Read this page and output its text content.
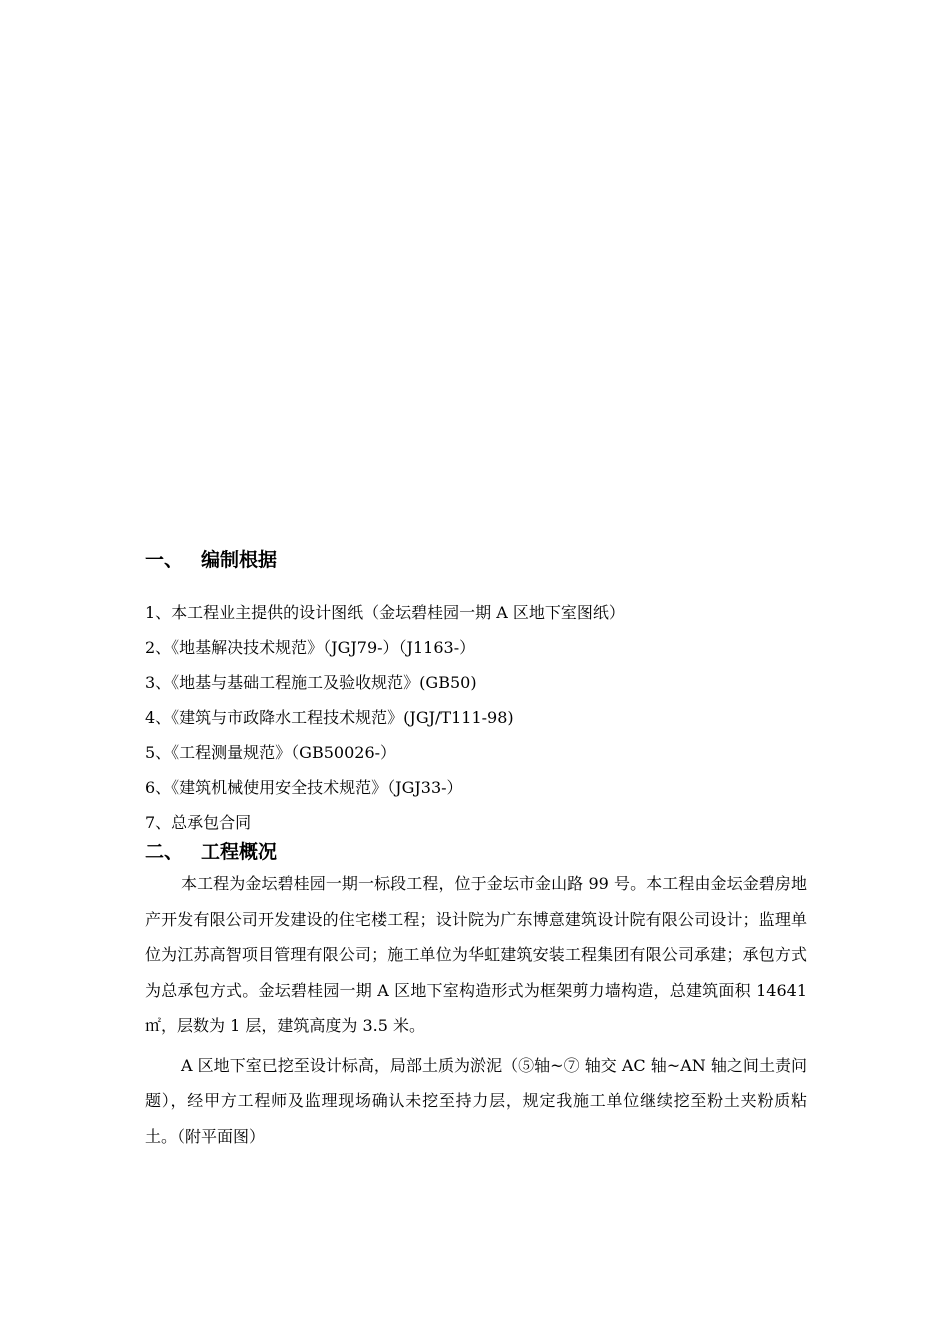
一、 编制根据
1、本工程业主提供的设计图纸（金坛碧桂园一期 A 区地下室图纸）
2、《地基解决技术规范》（JGJ79-）（J1163-）
3、《地基与基础工程施工及验收规范》(GB50)
4、《建筑与市政降水工程技术规范》(JGJ/T111-98)
5、《工程测量规范》（GB50026-）
6、《建筑机械使用安全技术规范》（JGJ33-）
7、总承包合同
二、 工程概况

本工程为金坛碧桂园一期一标段工程，位于金坛市金山路 99 号。本工程由金坛金碧房地产开发有限公司开发建设的住宅楼工程；设计院为广东博意建筑设计院有限公司设计；监理单位为江苏高智项目管理有限公司；施工单位为华虹建筑安装工程集团有限公司承建；承包方式为总承包方式。金坛碧桂园一期 A 区地下室构造形式为框架剪力墙构造，总建筑面积 14641㎡，层数为 1 层，建筑高度为 3.5 米。

A 区地下室已挖至设计标高，局部土质为淤泥（⑤轴~⑦ 轴交 AC 轴~AN 轴之间土责问题），经甲方工程师及监理现场确认未挖至持力层，规定我施工单位继续挖至粉土夹粉质粘土。（附平面图）
